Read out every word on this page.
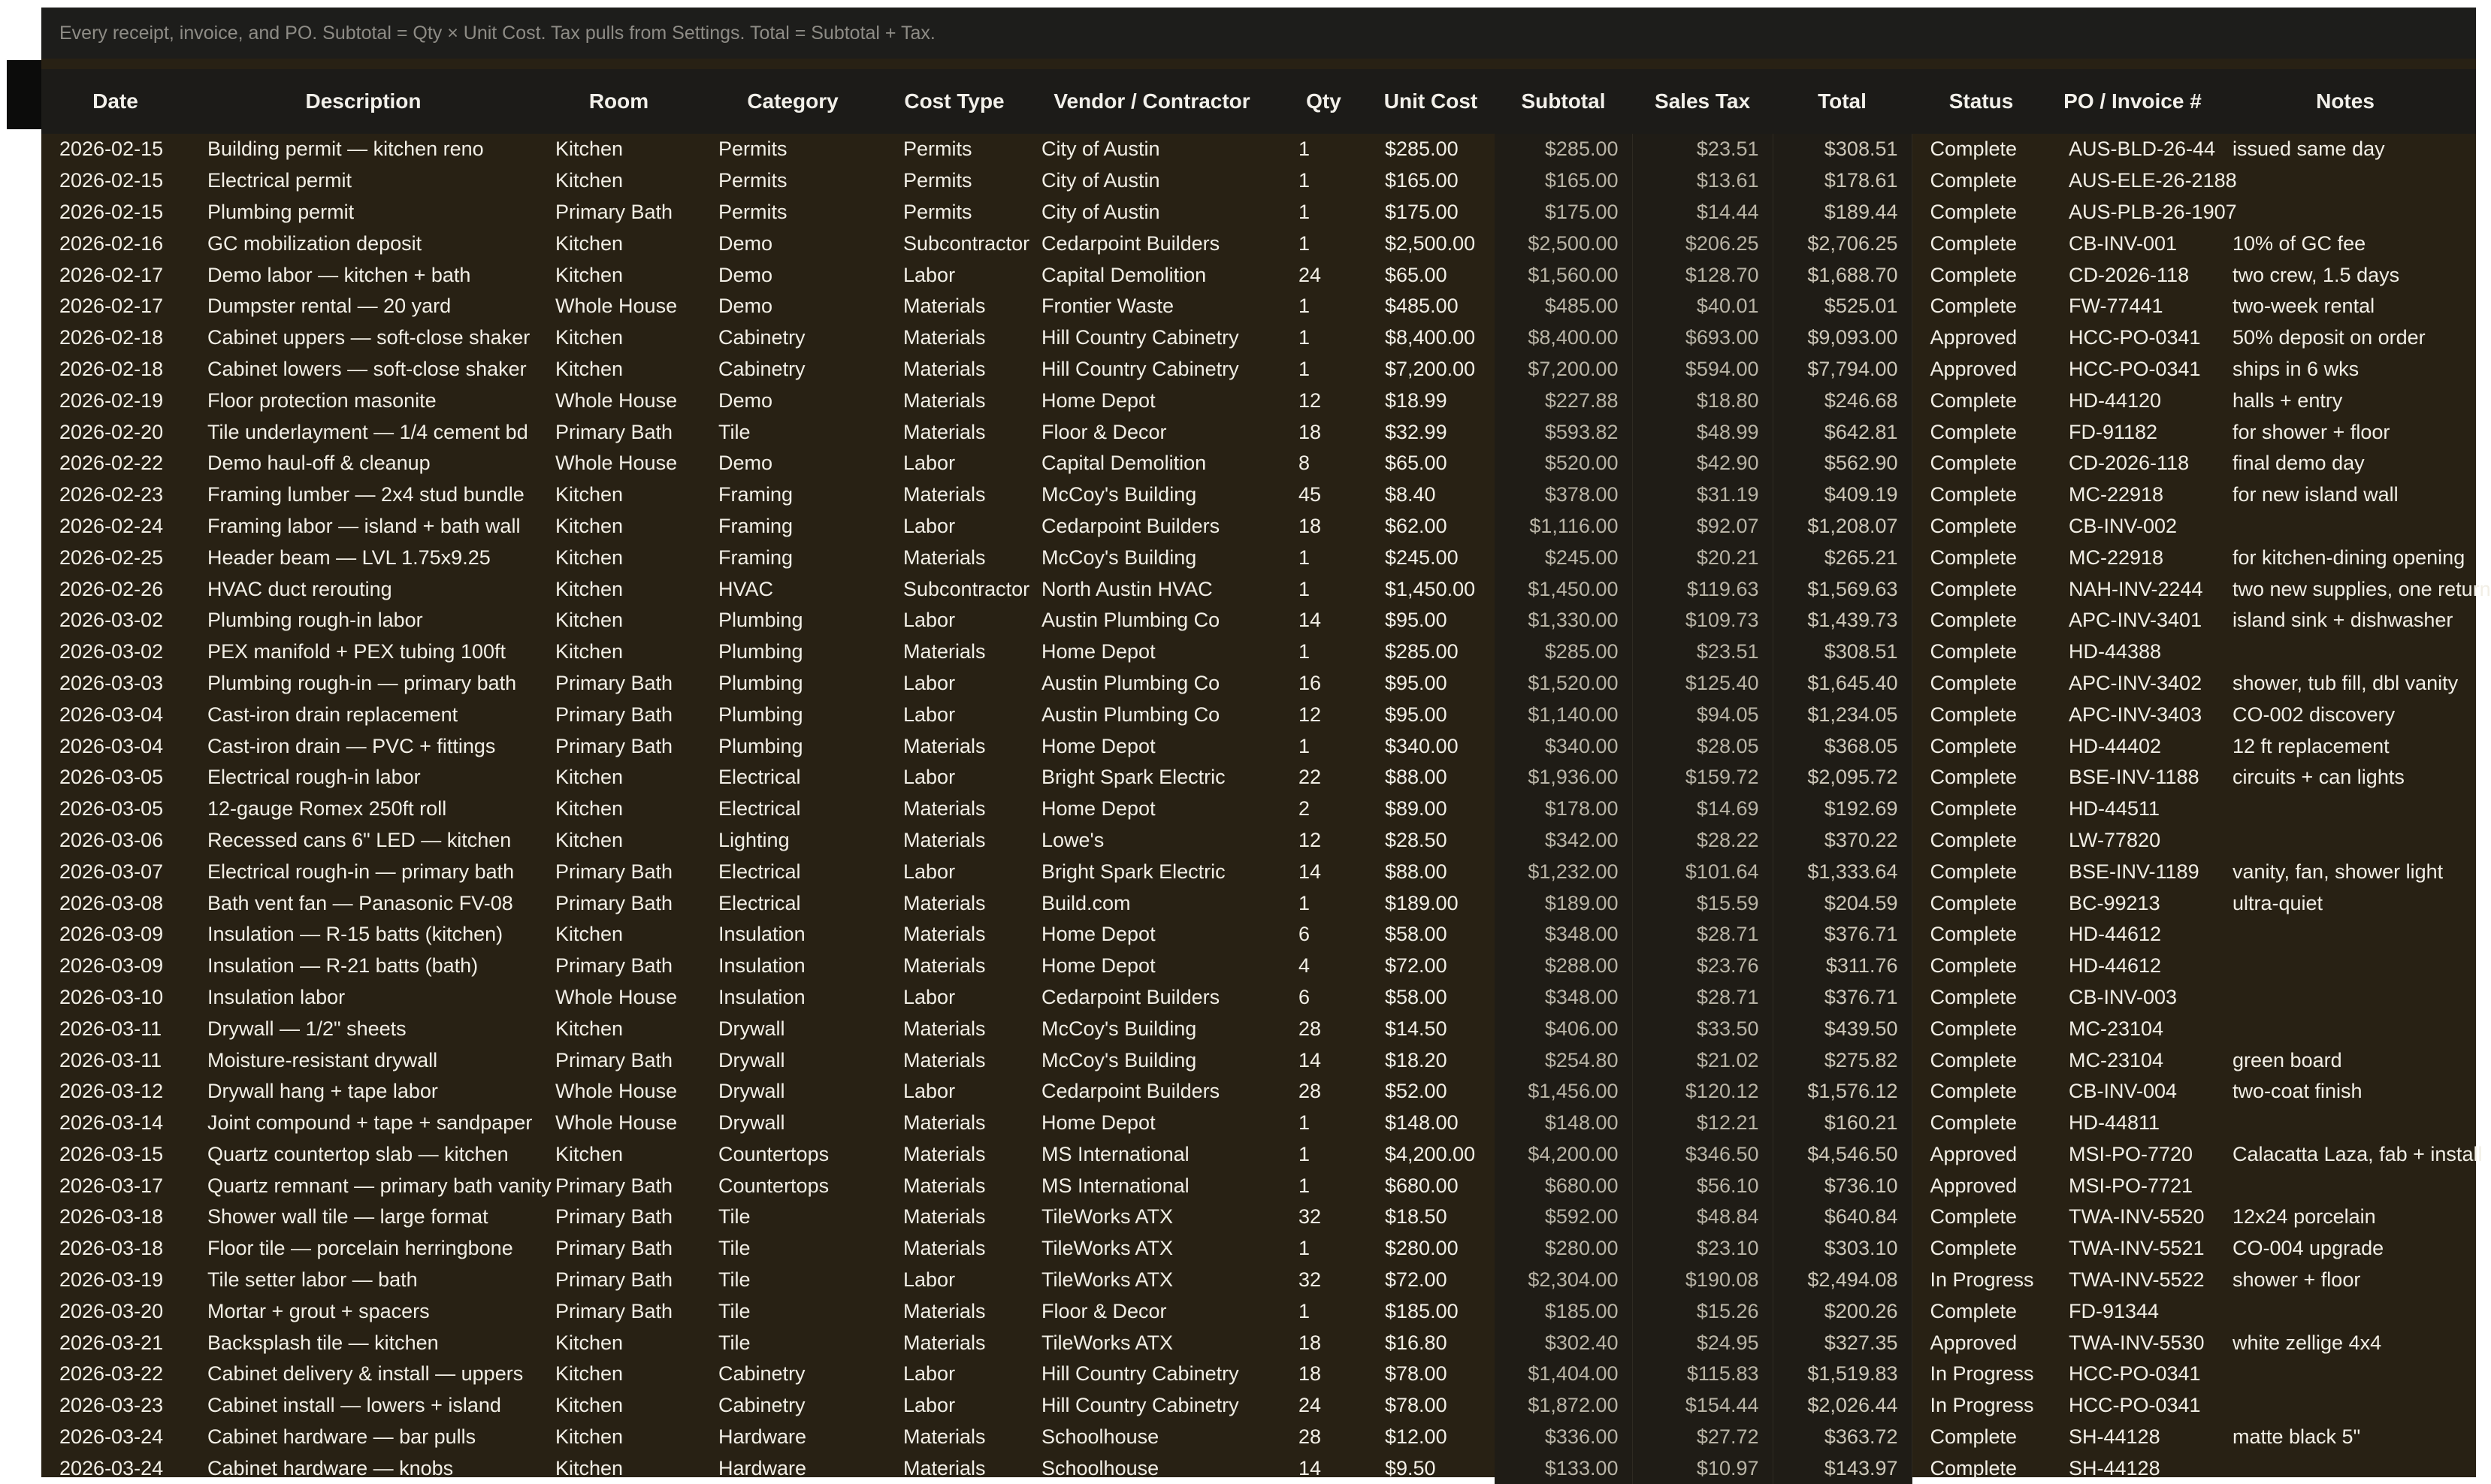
Every receipt, invoice, and PO. Subtotal = Qty × Unit Cost. Tax pulls from Settings. Total = Subtotal + Tax.
Date	Description	Room	Category	Cost Type	Vendor / Contractor	Qty	Unit Cost	Subtotal	Sales Tax	Total	Status	PO / Invoice #	Notes
2026-02-15	Building permit — kitchen reno	Kitchen	Permits	Permits	City of Austin	1	$285.00	$285.00	$23.51	$308.51	Complete	AUS-BLD-26-44	issued same day
2026-02-15	Electrical permit	Kitchen	Permits	Permits	City of Austin	1	$165.00	$165.00	$13.61	$178.61	Complete	AUS-ELE-26-2188	
2026-02-15	Plumbing permit	Primary Bath	Permits	Permits	City of Austin	1	$175.00	$175.00	$14.44	$189.44	Complete	AUS-PLB-26-1907	
2026-02-16	GC mobilization deposit	Kitchen	Demo	Subcontractor	Cedarpoint Builders	1	$2,500.00	$2,500.00	$206.25	$2,706.25	Complete	CB-INV-001	10% of GC fee
2026-02-17	Demo labor — kitchen + bath	Kitchen	Demo	Labor	Capital Demolition	24	$65.00	$1,560.00	$128.70	$1,688.70	Complete	CD-2026-118	two crew, 1.5 days
2026-02-17	Dumpster rental — 20 yard	Whole House	Demo	Materials	Frontier Waste	1	$485.00	$485.00	$40.01	$525.01	Complete	FW-77441	two-week rental
2026-02-18	Cabinet uppers — soft-close shaker	Kitchen	Cabinetry	Materials	Hill Country Cabinetry	1	$8,400.00	$8,400.00	$693.00	$9,093.00	Approved	HCC-PO-0341	50% deposit on order
2026-02-18	Cabinet lowers — soft-close shaker	Kitchen	Cabinetry	Materials	Hill Country Cabinetry	1	$7,200.00	$7,200.00	$594.00	$7,794.00	Approved	HCC-PO-0341	ships in 6 wks
2026-02-19	Floor protection masonite	Whole House	Demo	Materials	Home Depot	12	$18.99	$227.88	$18.80	$246.68	Complete	HD-44120	halls + entry
2026-02-20	Tile underlayment — 1/4 cement bd	Primary Bath	Tile	Materials	Floor & Decor	18	$32.99	$593.82	$48.99	$642.81	Complete	FD-91182	for shower + floor
2026-02-22	Demo haul-off & cleanup	Whole House	Demo	Labor	Capital Demolition	8	$65.00	$520.00	$42.90	$562.90	Complete	CD-2026-118	final demo day
2026-02-23	Framing lumber — 2x4 stud bundle	Kitchen	Framing	Materials	McCoy's Building	45	$8.40	$378.00	$31.19	$409.19	Complete	MC-22918	for new island wall
2026-02-24	Framing labor — island + bath wall	Kitchen	Framing	Labor	Cedarpoint Builders	18	$62.00	$1,116.00	$92.07	$1,208.07	Complete	CB-INV-002	
2026-02-25	Header beam — LVL 1.75x9.25	Kitchen	Framing	Materials	McCoy's Building	1	$245.00	$245.00	$20.21	$265.21	Complete	MC-22918	for kitchen-dining opening
2026-02-26	HVAC duct rerouting	Kitchen	HVAC	Subcontractor	North Austin HVAC	1	$1,450.00	$1,450.00	$119.63	$1,569.63	Complete	NAH-INV-2244	two new supplies, one return
2026-03-02	Plumbing rough-in labor	Kitchen	Plumbing	Labor	Austin Plumbing Co	14	$95.00	$1,330.00	$109.73	$1,439.73	Complete	APC-INV-3401	island sink + dishwasher
2026-03-02	PEX manifold + PEX tubing 100ft	Kitchen	Plumbing	Materials	Home Depot	1	$285.00	$285.00	$23.51	$308.51	Complete	HD-44388	
2026-03-03	Plumbing rough-in — primary bath	Primary Bath	Plumbing	Labor	Austin Plumbing Co	16	$95.00	$1,520.00	$125.40	$1,645.40	Complete	APC-INV-3402	shower, tub fill, dbl vanity
2026-03-04	Cast-iron drain replacement	Primary Bath	Plumbing	Labor	Austin Plumbing Co	12	$95.00	$1,140.00	$94.05	$1,234.05	Complete	APC-INV-3403	CO-002 discovery
2026-03-04	Cast-iron drain — PVC + fittings	Primary Bath	Plumbing	Materials	Home Depot	1	$340.00	$340.00	$28.05	$368.05	Complete	HD-44402	12 ft replacement
2026-03-05	Electrical rough-in labor	Kitchen	Electrical	Labor	Bright Spark Electric	22	$88.00	$1,936.00	$159.72	$2,095.72	Complete	BSE-INV-1188	circuits + can lights
2026-03-05	12-gauge Romex 250ft roll	Kitchen	Electrical	Materials	Home Depot	2	$89.00	$178.00	$14.69	$192.69	Complete	HD-44511	
2026-03-06	Recessed cans 6" LED — kitchen	Kitchen	Lighting	Materials	Lowe's	12	$28.50	$342.00	$28.22	$370.22	Complete	LW-77820	
2026-03-07	Electrical rough-in — primary bath	Primary Bath	Electrical	Labor	Bright Spark Electric	14	$88.00	$1,232.00	$101.64	$1,333.64	Complete	BSE-INV-1189	vanity, fan, shower light
2026-03-08	Bath vent fan — Panasonic FV-08	Primary Bath	Electrical	Materials	Build.com	1	$189.00	$189.00	$15.59	$204.59	Complete	BC-99213	ultra-quiet
2026-03-09	Insulation — R-15 batts (kitchen)	Kitchen	Insulation	Materials	Home Depot	6	$58.00	$348.00	$28.71	$376.71	Complete	HD-44612	
2026-03-09	Insulation — R-21 batts (bath)	Primary Bath	Insulation	Materials	Home Depot	4	$72.00	$288.00	$23.76	$311.76	Complete	HD-44612	
2026-03-10	Insulation labor	Whole House	Insulation	Labor	Cedarpoint Builders	6	$58.00	$348.00	$28.71	$376.71	Complete	CB-INV-003	
2026-03-11	Drywall — 1/2" sheets	Kitchen	Drywall	Materials	McCoy's Building	28	$14.50	$406.00	$33.50	$439.50	Complete	MC-23104	
2026-03-11	Moisture-resistant drywall	Primary Bath	Drywall	Materials	McCoy's Building	14	$18.20	$254.80	$21.02	$275.82	Complete	MC-23104	green board
2026-03-12	Drywall hang + tape labor	Whole House	Drywall	Labor	Cedarpoint Builders	28	$52.00	$1,456.00	$120.12	$1,576.12	Complete	CB-INV-004	two-coat finish
2026-03-14	Joint compound + tape + sandpaper	Whole House	Drywall	Materials	Home Depot	1	$148.00	$148.00	$12.21	$160.21	Complete	HD-44811	
2026-03-15	Quartz countertop slab — kitchen	Kitchen	Countertops	Materials	MS International	1	$4,200.00	$4,200.00	$346.50	$4,546.50	Approved	MSI-PO-7720	Calacatta Laza, fab + install
2026-03-17	Quartz remnant — primary bath vanity	Primary Bath	Countertops	Materials	MS International	1	$680.00	$680.00	$56.10	$736.10	Approved	MSI-PO-7721	
2026-03-18	Shower wall tile — large format	Primary Bath	Tile	Materials	TileWorks ATX	32	$18.50	$592.00	$48.84	$640.84	Complete	TWA-INV-5520	12x24 porcelain
2026-03-18	Floor tile — porcelain herringbone	Primary Bath	Tile	Materials	TileWorks ATX	1	$280.00	$280.00	$23.10	$303.10	Complete	TWA-INV-5521	CO-004 upgrade
2026-03-19	Tile setter labor — bath	Primary Bath	Tile	Labor	TileWorks ATX	32	$72.00	$2,304.00	$190.08	$2,494.08	In Progress	TWA-INV-5522	shower + floor
2026-03-20	Mortar + grout + spacers	Primary Bath	Tile	Materials	Floor & Decor	1	$185.00	$185.00	$15.26	$200.26	Complete	FD-91344	
2026-03-21	Backsplash tile — kitchen	Kitchen	Tile	Materials	TileWorks ATX	18	$16.80	$302.40	$24.95	$327.35	Approved	TWA-INV-5530	white zellige 4x4
2026-03-22	Cabinet delivery & install — uppers	Kitchen	Cabinetry	Labor	Hill Country Cabinetry	18	$78.00	$1,404.00	$115.83	$1,519.83	In Progress	HCC-PO-0341	
2026-03-23	Cabinet install — lowers + island	Kitchen	Cabinetry	Labor	Hill Country Cabinetry	24	$78.00	$1,872.00	$154.44	$2,026.44	In Progress	HCC-PO-0341	
2026-03-24	Cabinet hardware — bar pulls	Kitchen	Hardware	Materials	Schoolhouse	28	$12.00	$336.00	$27.72	$363.72	Complete	SH-44128	matte black 5"
2026-03-24	Cabinet hardware — knobs	Kitchen	Hardware	Materials	Schoolhouse	14	$9.50	$133.00	$10.97	$143.97	Complete	SH-44128	
